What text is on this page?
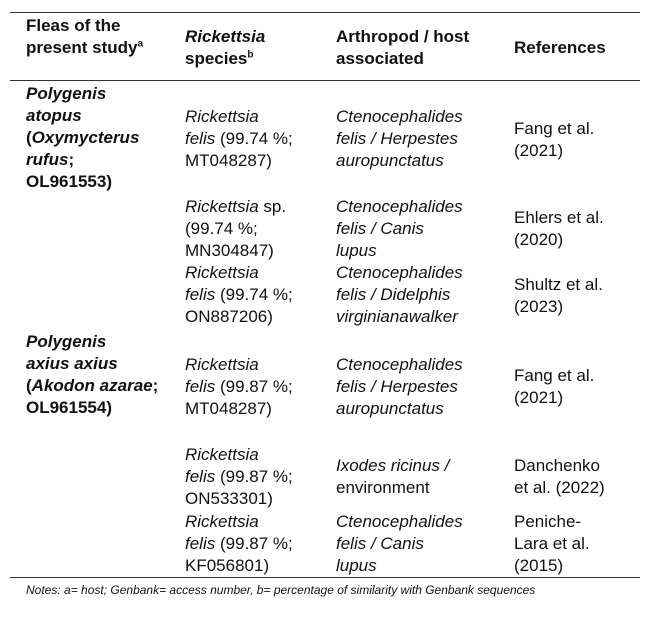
Fleas of the present study$^a$	Rickettsia
species$^b$
Arthropod / host associated
References
Polygenis
atopus
(Oxymycterus rufus;
OL961553)
Polygenis
axius axius
(Akodon azarae;
OL961554)
Rickettsia
felis (99.74 %;
MT048287)
Ctenocephalides
felis / Herpestes
auropunctatus
Fang et al.
(2021)
Rickettsia sp.
(99.74 %;
MN304847)
Ctenocephalides
felis / Canis
lupus
Ehlers et al.
(2020)
Rickettsia
felis (99.74 %;
ON887206)
Ctenocephalides
felis / Didelphis
virginianawalker
Shultz et al.
(2023)
Rickettsia
felis (99.87 %;
MT048287)
Ctenocephalides
felis / Herpestes
auropunctatus
Fang et al.
(2021)
Rickettsia
felis (99.87 %;
ON533301)
Ixodes ricinus /
environment
Danchenko
et al. (2022)
Rickettsia
felis (99.87 %;
KF056801)
Ctenocephalides
felis / Canis
lupus
Peniche-
Lara et al.
(2015)
Notes: a= host; Genbank= access number, b= percentage of similarity with Genbank sequences
